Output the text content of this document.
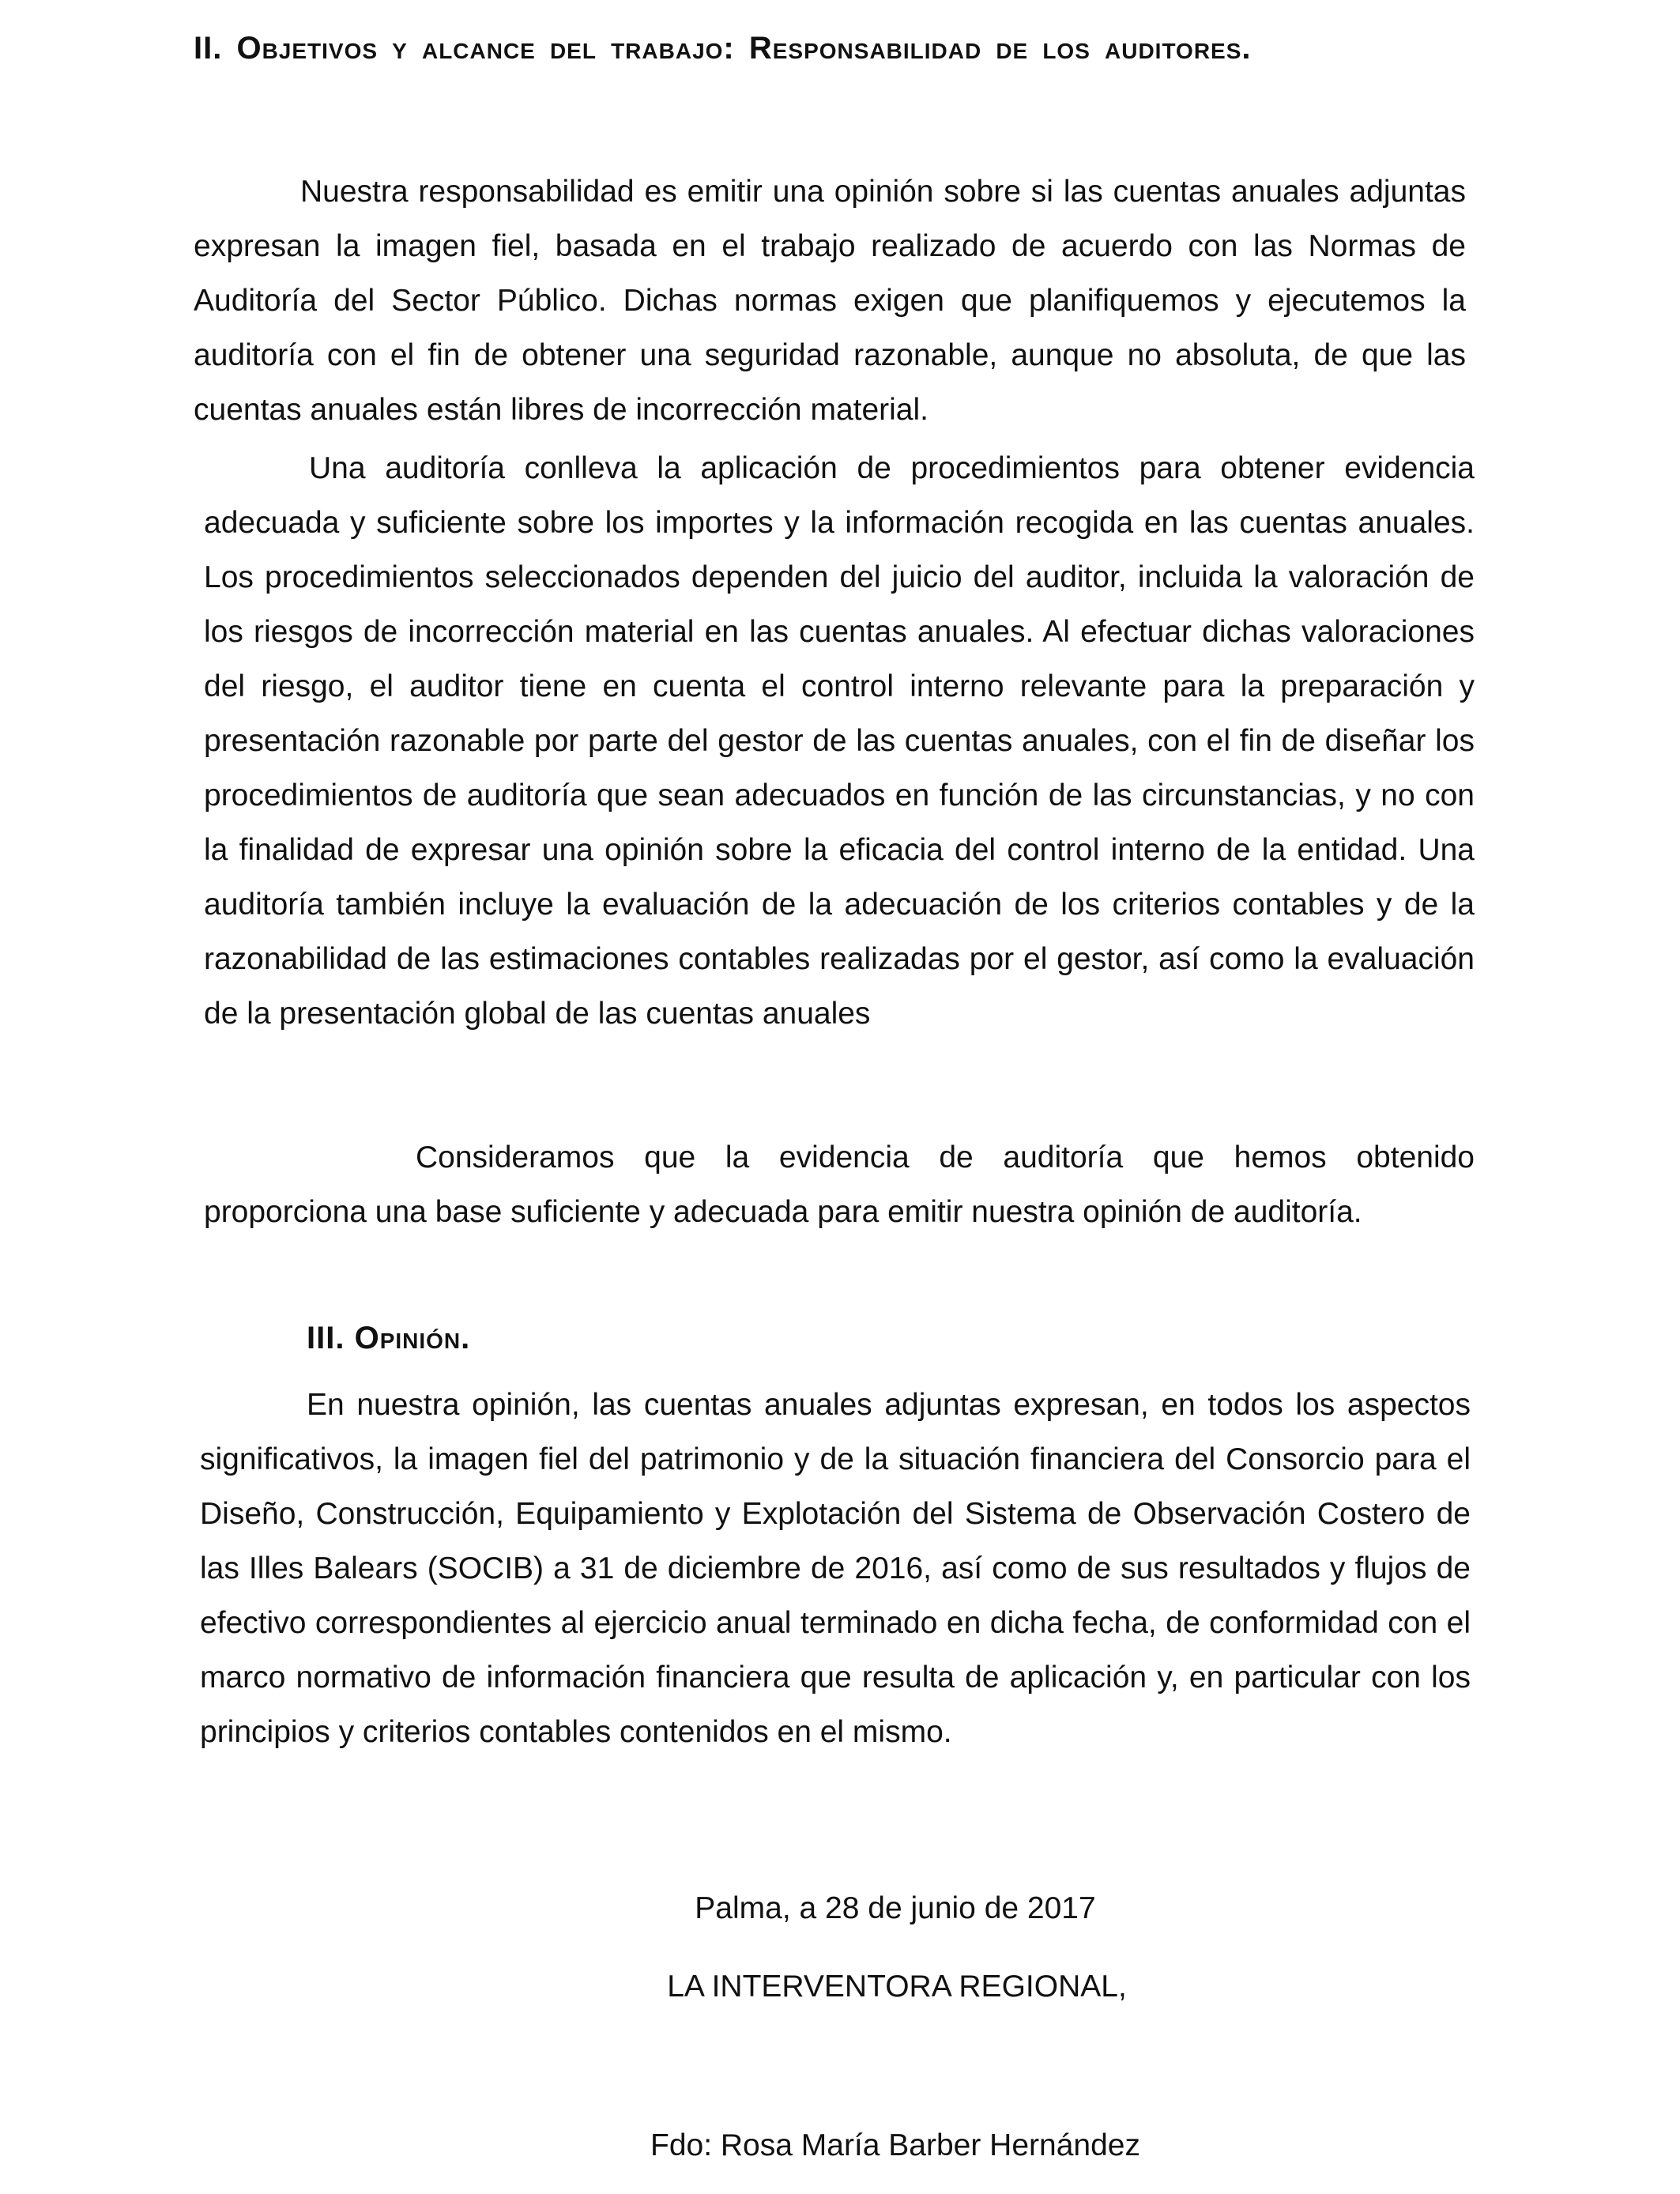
II. Objetivos y alcance del trabajo: Responsabilidad de los auditores.

Nuestra responsabilidad es emitir una opinión sobre si las cuentas anuales adjuntas expresan la imagen fiel, basada en el trabajo realizado de acuerdo con las Normas de Auditoría del Sector Público. Dichas normas exigen que planifiquemos y ejecutemos la auditoría con el fin de obtener una seguridad razonable, aunque no absoluta, de que las cuentas anuales están libres de incorrección material.

Una auditoría conlleva la aplicación de procedimientos para obtener evidencia adecuada y suficiente sobre los importes y la información recogida en las cuentas anuales. Los procedimientos seleccionados dependen del juicio del auditor, incluida la valoración de los riesgos de incorrección material en las cuentas anuales. Al efectuar dichas valoraciones del riesgo, el auditor tiene en cuenta el control interno relevante para la preparación y presentación razonable por parte del gestor de las cuentas anuales, con el fin de diseñar los procedimientos de auditoría que sean adecuados en función de las circunstancias, y no con la finalidad de expresar una opinión sobre la eficacia del control interno de la entidad. Una auditoría también incluye la evaluación de la adecuación de los criterios contables y de la razonabilidad de las estimaciones contables realizadas por el gestor, así como la evaluación de la presentación global de las cuentas anuales

Consideramos que la evidencia de auditoría que hemos obtenido proporciona una base suficiente y adecuada para emitir nuestra opinión de auditoría.

III. Opinión.

En nuestra opinión, las cuentas anuales adjuntas expresan, en todos los aspectos significativos, la imagen fiel del patrimonio y de la situación financiera del Consorcio para el Diseño, Construcción, Equipamiento y Explotación del Sistema de Observación Costero de las Illes Balears (SOCIB) a 31 de diciembre de 2016, así como de sus resultados y flujos de efectivo correspondientes al ejercicio anual terminado en dicha fecha, de conformidad con el marco normativo de información financiera que resulta de aplicación y, en particular con los principios y criterios contables contenidos en el mismo.

Palma, a 28 de junio de 2017
LA INTERVENTORA REGIONAL,
Fdo: Rosa María Barber Hernández
